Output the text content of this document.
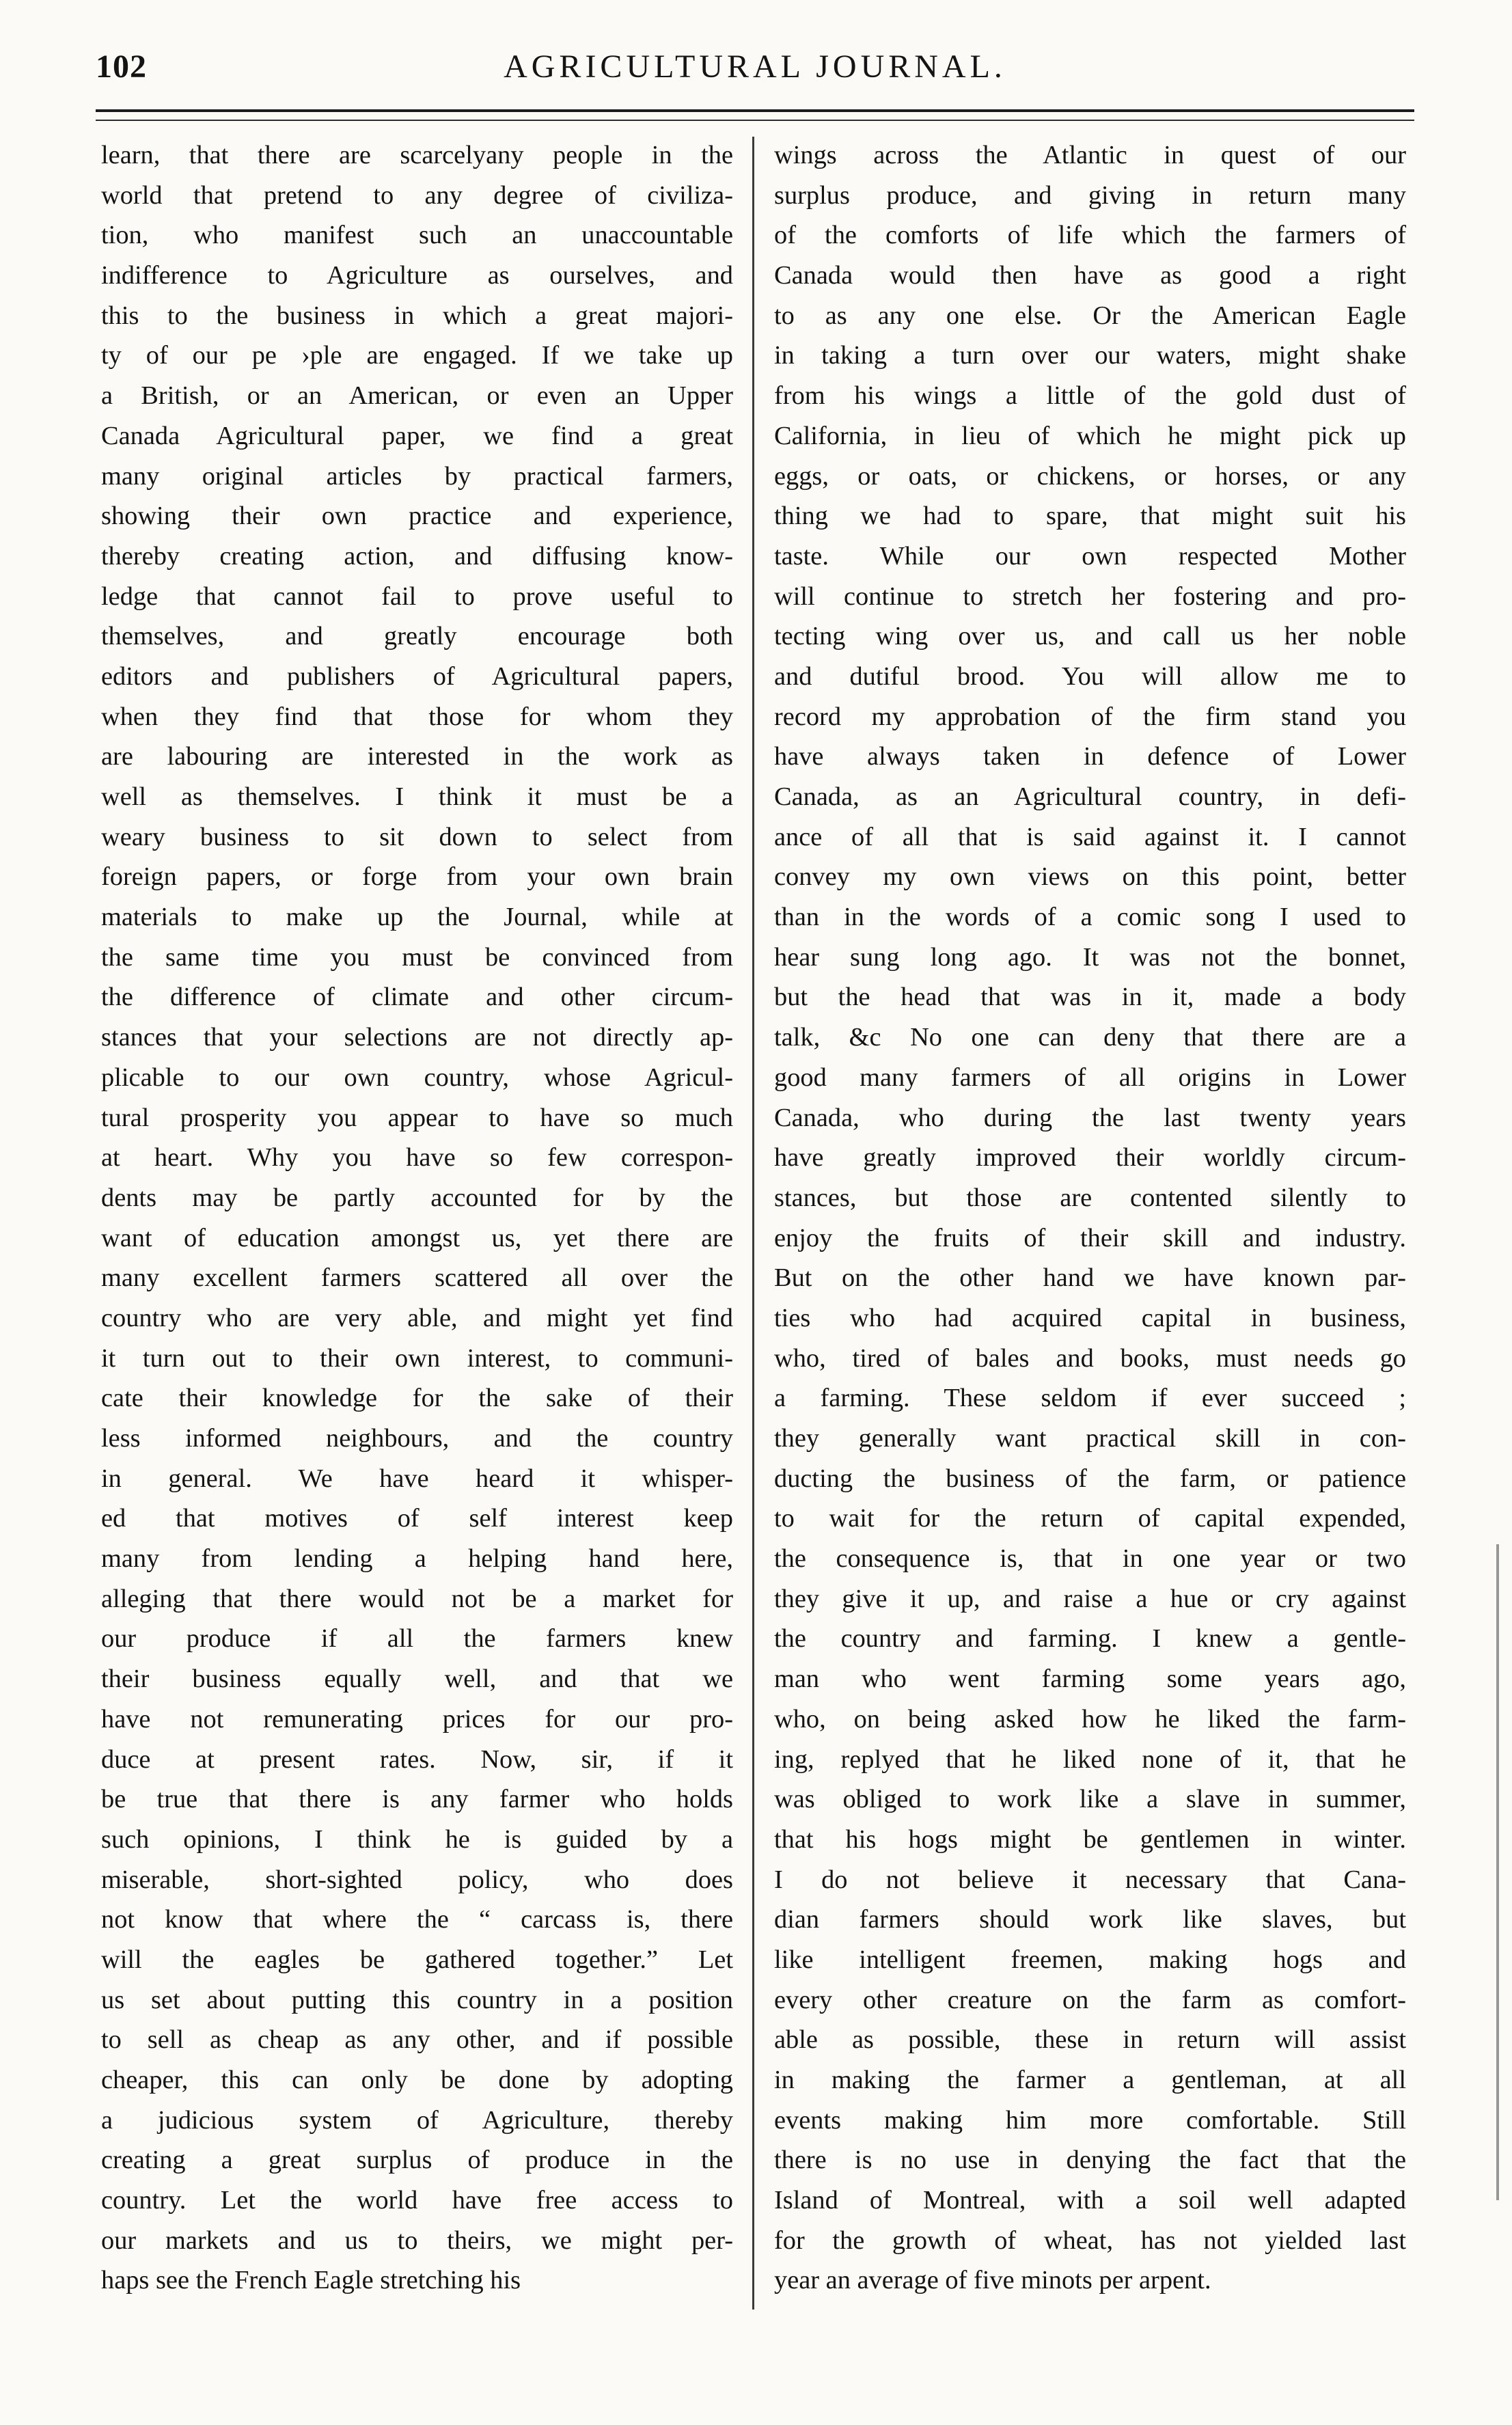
102	AGRICULTURAL JOURNAL.
learn, that there are scarcelyany people in the
world that pretend to any degree of civiliza-
tion, who manifest such an unaccountable
indifference to Agriculture as ourselves, and
this to the business in which a great majori-
ty of our pe ›ple are engaged. If we take up
a British, or an American, or even an Upper
Canada Agricultural paper, we find a great
many original articles by practical farmers,
showing their own practice and experience,
thereby creating action, and diffusing know-
ledge that cannot fail to prove useful to
themselves, and greatly encourage both
editors and publishers of Agricultural papers,
when they find that those for whom they
are labouring are interested in the work as
well as themselves. I think it must be a
weary business to sit down to select from
foreign papers, or forge from your own brain
materials to make up the Journal, while at
the same time you must be convinced from
the difference of climate and other circum-
stances that your selections are not directly ap-
plicable to our own country, whose Agricul-
tural prosperity you appear to have so much
at heart. Why you have so few correspon-
dents may be partly accounted for by the
want of education amongst us, yet there are
many excellent farmers scattered all over the
country who are very able, and might yet find
it turn out to their own interest, to communi-
cate their knowledge for the sake of their
less informed neighbours, and the country
in general. We have heard it whisper-
ed that motives of self interest keep
many from lending a helping hand here,
alleging that there would not be a market for
our produce if all the farmers knew
their business equally well, and that we
have not remunerating prices for our pro-
duce at present rates. Now, sir, if it
be true that there is any farmer who holds
such opinions, I think he is guided by a
miserable, short-sighted policy, who does
not know that where the “ carcass is, there
will the eagles be gathered together.” Let
us set about putting this country in a position
to sell as cheap as any other, and if possible
cheaper, this can only be done by adopting
a judicious system of Agriculture, thereby
creating a great surplus of produce in the
country. Let the world have free access to
our markets and us to theirs, we might per-
haps see the French Eagle stretching his
wings across the Atlantic in quest of our
surplus produce, and giving in return many
of the comforts of life which the farmers of
Canada would then have as good a right
to as any one else. Or the American Eagle
in taking a turn over our waters, might shake
from his wings a little of the gold dust of
California, in lieu of which he might pick up
eggs, or oats, or chickens, or horses, or any
thing we had to spare, that might suit his
taste. While our own respected Mother
will continue to stretch her fostering and pro-
tecting wing over us, and call us her noble
and dutiful brood. You will allow me to
record my approbation of the firm stand you
have always taken in defence of Lower
Canada, as an Agricultural country, in defi-
ance of all that is said against it. I cannot
convey my own views on this point, better
than in the words of a comic song I used to
hear sung long ago. It was not the bonnet,
but the head that was in it, made a body
talk, &c No one can deny that there are a
good many farmers of all origins in Lower
Canada, who during the last twenty years
have greatly improved their worldly circum-
stances, but those are contented silently to
enjoy the fruits of their skill and industry.
But on the other hand we have known par-
ties who had acquired capital in business,
who, tired of bales and books, must needs go
a farming. These seldom if ever succeed ;
they generally want practical skill in con-
ducting the business of the farm, or patience
to wait for the return of capital expended,
the consequence is, that in one year or two
they give it up, and raise a hue or cry against
the country and farming. I knew a gentle-
man who went farming some years ago,
who, on being asked how he liked the farm-
ing, replyed that he liked none of it, that he
was obliged to work like a slave in summer,
that his hogs might be gentlemen in winter.
I do not believe it necessary that Cana-
dian farmers should work like slaves, but
like intelligent freemen, making hogs and
every other creature on the farm as comfort-
able as possible, these in return will assist
in making the farmer a gentleman, at all
events making him more comfortable. Still
there is no use in denying the fact that the
Island of Montreal, with a soil well adapted
for the growth of wheat, has not yielded last
year an average of five minots per arpent.
